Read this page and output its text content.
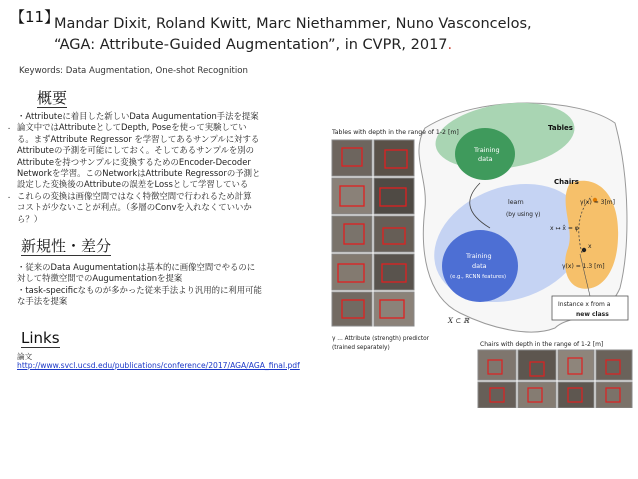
【11】
Mandar Dixit, Roland Kwitt, Marc Niethammer, Nuno Vasconcelos,
“AGA: Attribute-Guided Augmentation”, in CVPR, 2017.
Keywords: Data Augmentation, One-shot Recognition
概要
・Attributeに着目した新しいData Augumentation手法を提案
. 論文中ではAttributeとしてDepth, Poseを使って実験してい
る。まずAttribute Regressor を学習してあるサンプルに対する
Attributeの予測を可能にしておく。そしてあるサンプルを別の
Attributeを持つサンプルに変換するためのEncoder-Decoder
Networkを学習。このNetworkはAttribute Regressorの予測と
設定した変換後のAttributeの誤差をLossとして学習している
. これらの変換は画像空間ではなく特徴空間で行われるため計算
コストが少ないことが利点。（多層のConvを入れなくていいか
ら？）
新規性・差分
・従来のData Augumentationは基本的に画像空間でやるのに
対して特徴空間でのAugumentationを提案
・task-specificなものが多かった従来手法より汎用的に利用可能
な手法を提案
Links
論文
http://www.svcl.ucsd.edu/publications/conference/2017/AGA/AGA_final.pdf
Tables with depth in the range of 1-2 [m]
Tables
Training
data
Chairs
learn
(by using γ)
Training
data
(e.g., RCNN features)
γ(x) ≈ 3[m]
x ↦ x̂ = φ
x
γ(x) = 1.3 [m]
X ⊂ ℝ
Instance x from a
new class
γ ... Attribute (strength) predictor
(trained separately)	Chairs with depth in the range of 1-2 [m]
